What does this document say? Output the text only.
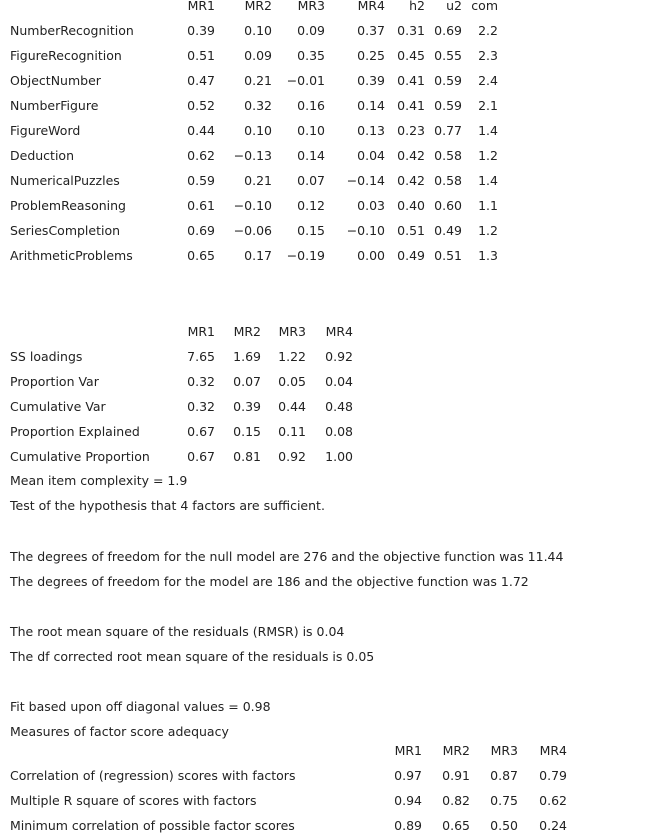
	MR1	MR2	MR3	MR4	h2	u2	com
NumberRecognition	0.39	0.10	0.09	0.37	0.31	0.69	2.2
FigureRecognition	0.51	0.09	0.35	0.25	0.45	0.55	2.3
ObjectNumber	0.47	0.21	−0.01	0.39	0.41	0.59	2.4
NumberFigure	0.52	0.32	0.16	0.14	0.41	0.59	2.1
FigureWord	0.44	0.10	0.10	0.13	0.23	0.77	1.4
Deduction	0.62	−0.13	0.14	0.04	0.42	0.58	1.2
NumericalPuzzles	0.59	0.21	0.07	−0.14	0.42	0.58	1.4
ProblemReasoning	0.61	−0.10	0.12	0.03	0.40	0.60	1.1
SeriesCompletion	0.69	−0.06	0.15	−0.10	0.51	0.49	1.2
ArithmeticProblems	0.65	0.17	−0.19	0.00	0.49	0.51	1.3
	MR1	MR2	MR3	MR4
SS loadings	7.65	1.69	1.22	0.92
Proportion Var	0.32	0.07	0.05	0.04
Cumulative Var	0.32	0.39	0.44	0.48
Proportion Explained	0.67	0.15	0.11	0.08
Cumulative Proportion	0.67	0.81	0.92	1.00
Mean item complexity = 1.9
Test of the hypothesis that 4 factors are sufficient.
The degrees of freedom for the null model are 276 and the objective function was 11.44
The degrees of freedom for the model are 186 and the objective function was 1.72
The root mean square of the residuals (RMSR) is 0.04
The df corrected root mean square of the residuals is 0.05
Fit based upon off diagonal values = 0.98
Measures of factor score adequacy
	MR1	MR2	MR3	MR4
Correlation of (regression) scores with factors	0.97	0.91	0.87	0.79
Multiple R square of scores with factors	0.94	0.82	0.75	0.62
Minimum correlation of possible factor scores	0.89	0.65	0.50	0.24
